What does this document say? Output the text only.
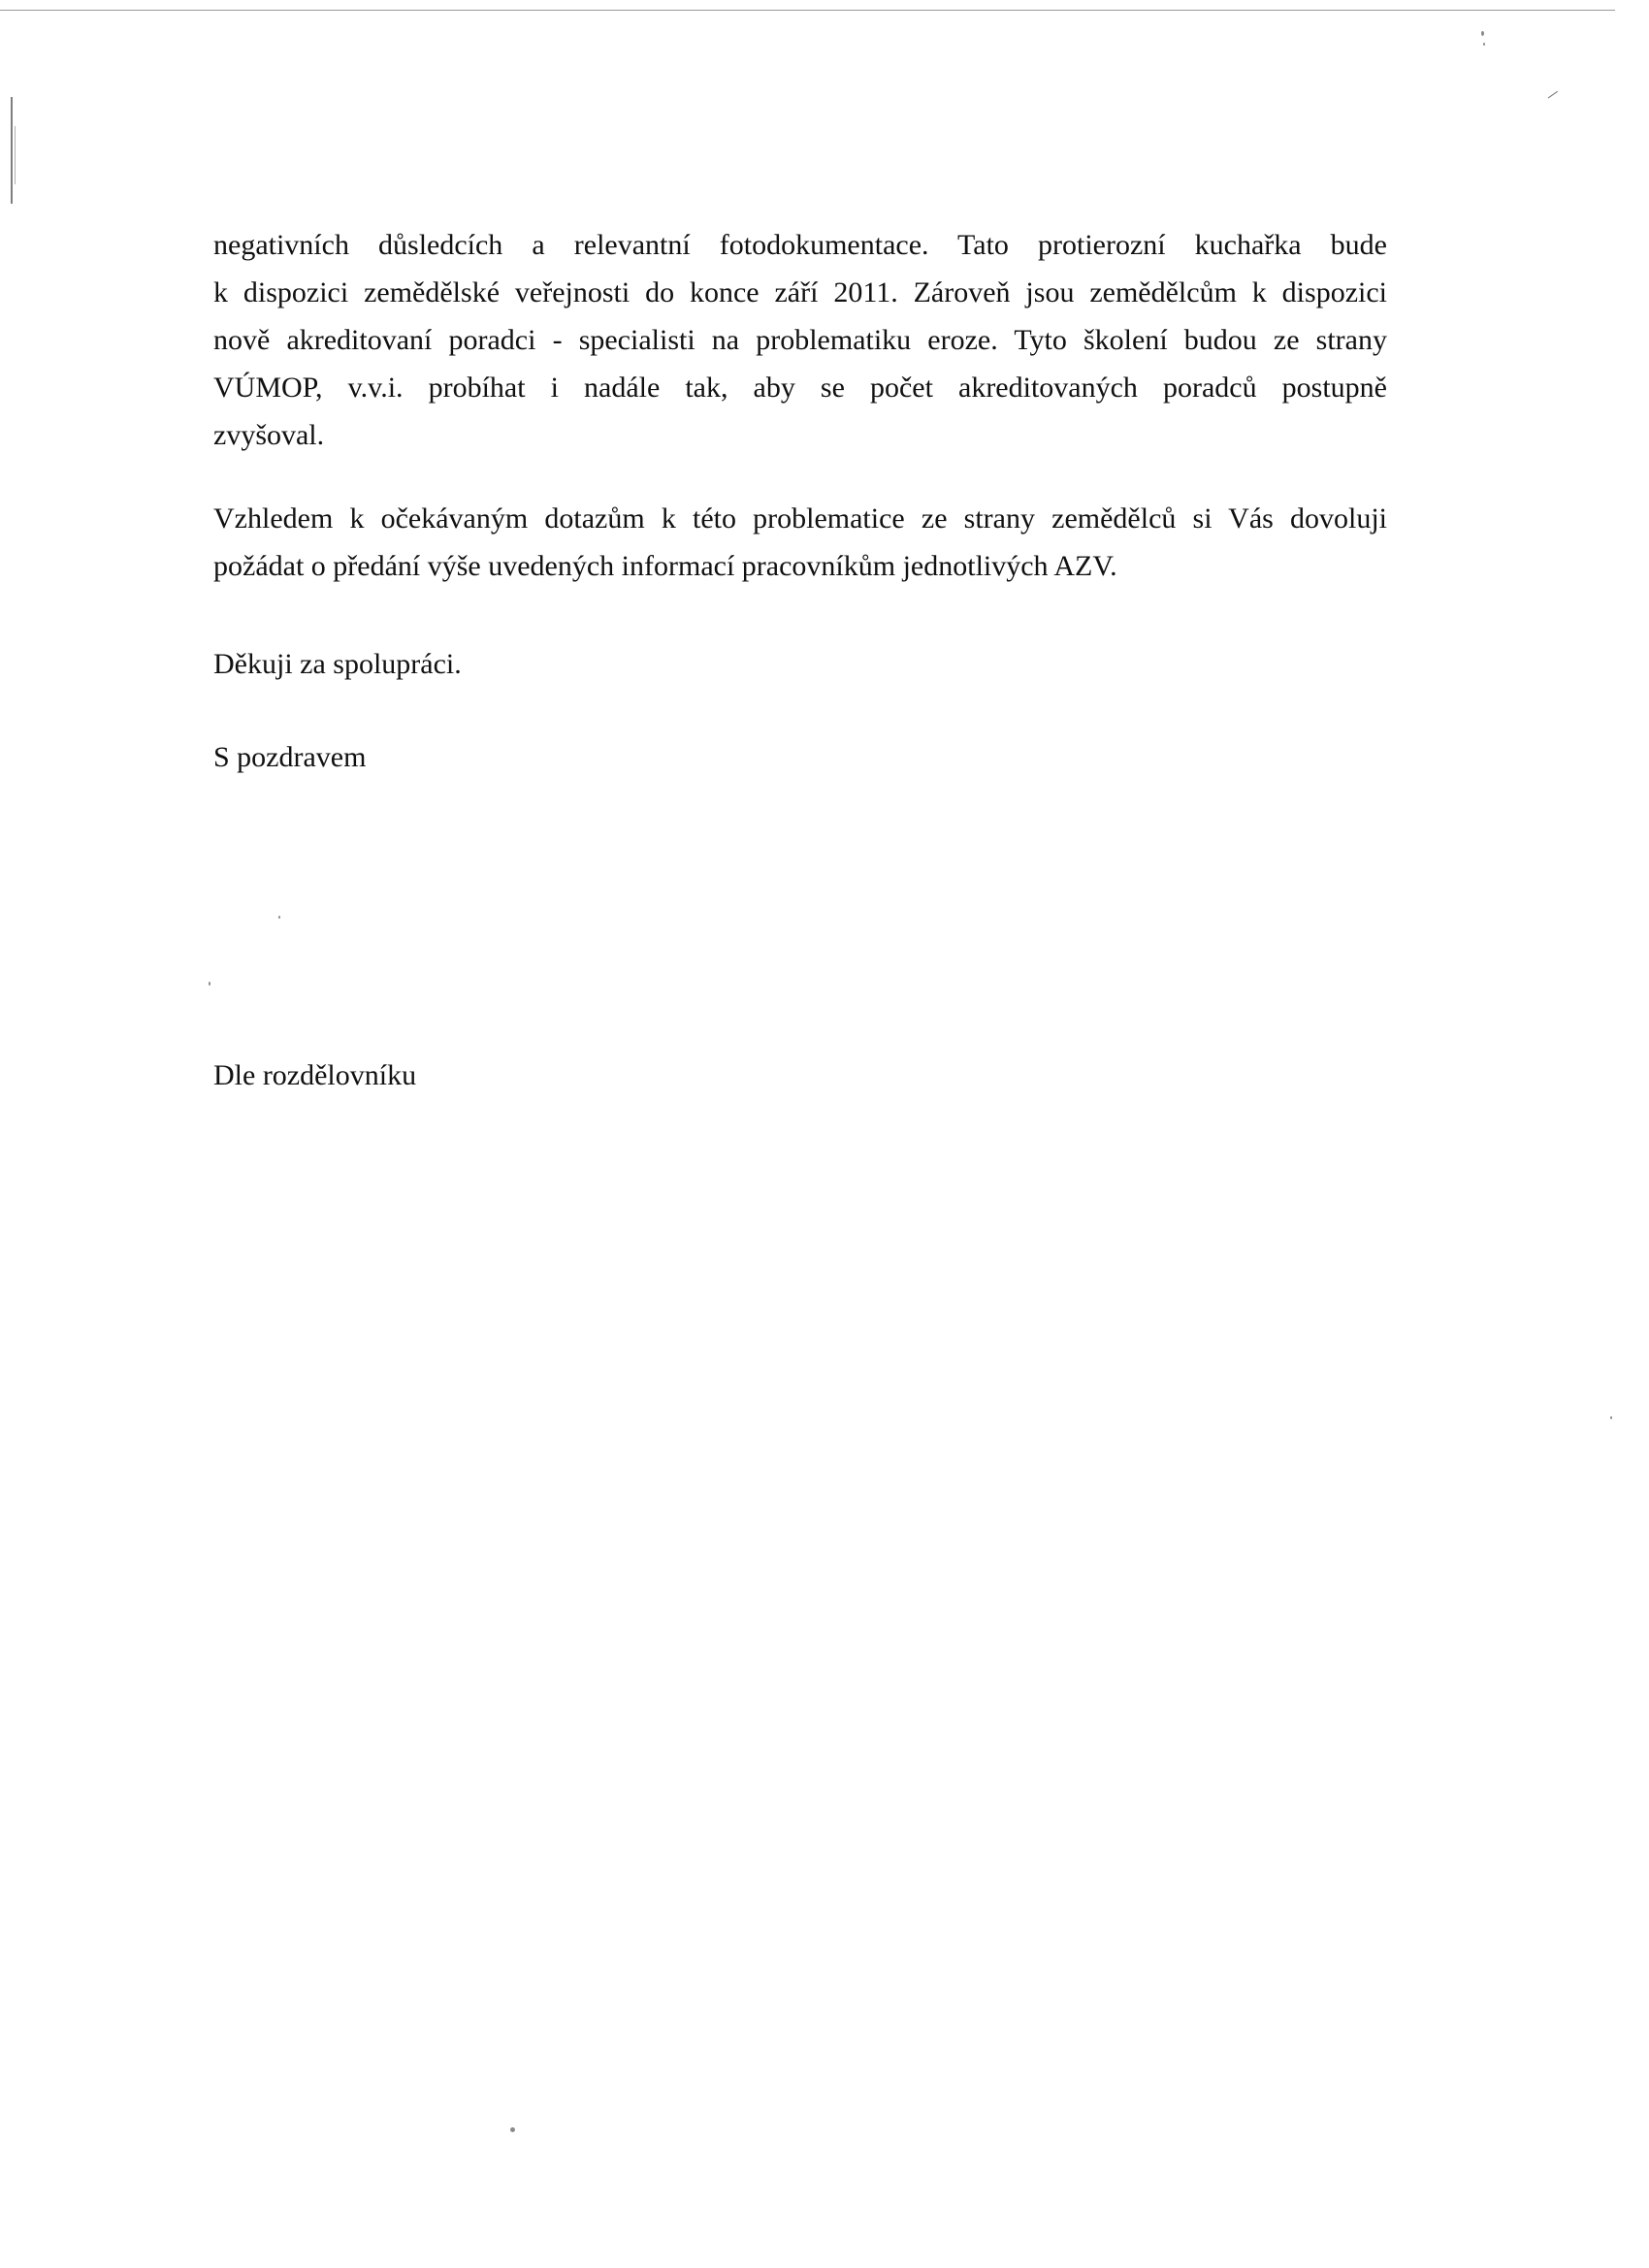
negativních důsledcích a relevantní fotodokumentace. Tato protierozní kuchařka bude
k dispozici zemědělské veřejnosti do konce září 2011. Zároveň jsou zemědělcům k dispozici
nově akreditovaní poradci - specialisti na problematiku eroze. Tyto školení budou ze strany
VÚMOP, v.v.i. probíhat i nadále tak, aby se počet akreditovaných poradců postupně
zvyšoval.

Vzhledem k očekávaným dotazům k této problematice ze strany zemědělců si Vás dovoluji
požádat o předání výše uvedených informací pracovníkům jednotlivých AZV.

Děkuji za spolupráci.

S pozdravem

Dle rozdělovníku
